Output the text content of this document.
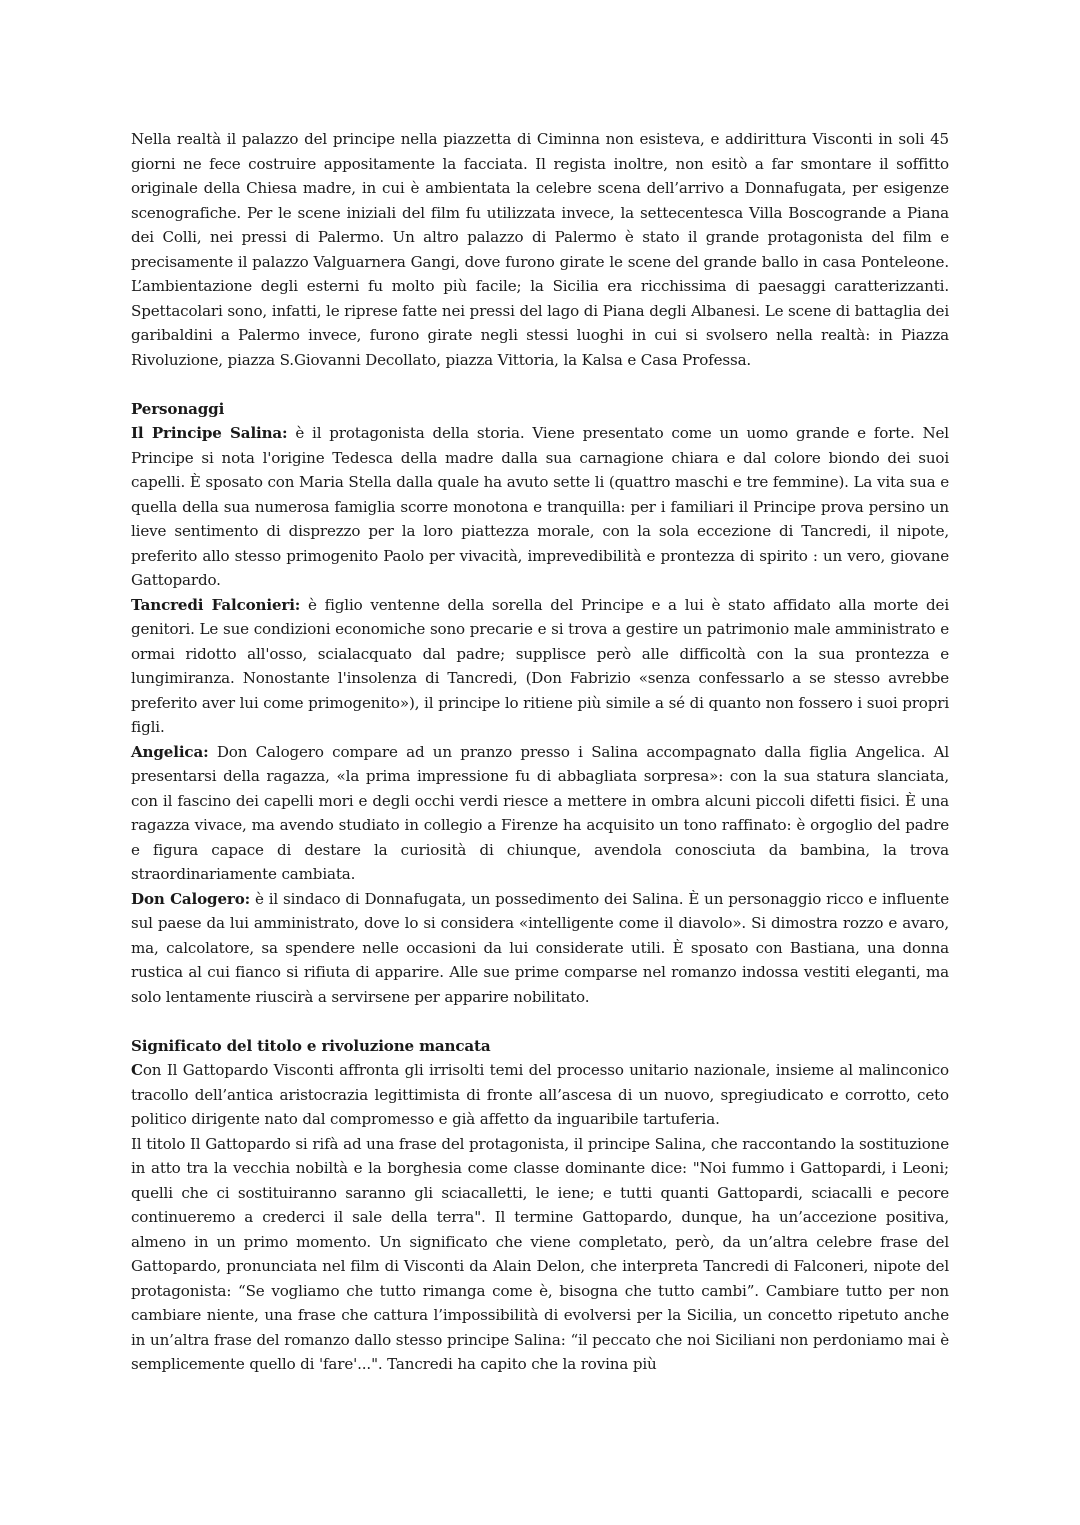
Nella realtà il palazzo del principe nella piazzetta di Ciminna non esisteva, e addirittura Visconti in soli 45 giorni ne fece costruire appositamente la facciata. Il regista inoltre, non esitò a far smontare il soffitto originale della Chiesa madre, in cui è ambientata la celebre scena dell’arrivo a Donnafugata, per esigenze scenografiche. Per le scene iniziali del film fu utilizzata invece, la settecentesca Villa Boscogrande a Piana dei Colli, nei pressi di Palermo. Un altro palazzo di Palermo è stato il grande protagonista del film e precisamente il palazzo Valguarnera Gangi, dove furono girate le scene del grande ballo in casa Ponteleone. L’ambientazione degli esterni fu molto più facile; la Sicilia era ricchissima di paesaggi caratterizzanti. Spettacolari sono, infatti, le riprese fatte nei pressi del lago di Piana degli Albanesi. Le scene di battaglia dei garibaldini a Palermo invece, furono girate negli stessi luoghi in cui si svolsero nella realtà: in Piazza Rivoluzione, piazza S.Giovanni Decollato, piazza Vittoria, la Kalsa e Casa Professa.

Personaggi

Il Principe Salina: è il protagonista della storia. Viene presentato come un uomo grande e forte. Nel Principe si nota l'origine Tedesca della madre dalla sua carnagione chiara e dal colore biondo dei suoi capelli. È sposato con Maria Stella dalla quale ha avuto sette li (quattro maschi e tre femmine). La vita sua e quella della sua numerosa famiglia scorre monotona e tranquilla: per i familiari il Principe prova persino un lieve sentimento di disprezzo per la loro piattezza morale, con la sola eccezione di Tancredi, il nipote, preferito allo stesso primogenito Paolo per vivacità, imprevedibilità e prontezza di spirito : un vero, giovane Gattopardo.

Tancredi Falconieri: è figlio ventenne della sorella del Principe e a lui è stato affidato alla morte dei genitori. Le sue condizioni economiche sono precarie e si trova a gestire un patrimonio male amministrato e ormai ridotto all'osso, scialacquato dal padre; supplisce però alle difficoltà con la sua prontezza e lungimiranza. Nonostante l'insolenza di Tancredi, (Don Fabrizio «senza confessarlo a se stesso avrebbe preferito aver lui come primogenito»), il principe lo ritiene più simile a sé di quanto non fossero i suoi propri figli.

Angelica: Don Calogero compare ad un pranzo presso i Salina accompagnato dalla figlia Angelica. Al presentarsi della ragazza, «la prima impressione fu di abbagliata sorpresa»: con la sua statura slanciata, con il fascino dei capelli mori e degli occhi verdi riesce a mettere in ombra alcuni piccoli difetti fisici. È una ragazza vivace, ma avendo studiato in collegio a Firenze ha acquisito un tono raffinato: è orgoglio del padre e figura capace di destare la curiosità di chiunque, avendola conosciuta da bambina, la trova straordinariamente cambiata.

Don Calogero: è il sindaco di Donnafugata, un possedimento dei Salina. È un personaggio ricco e influente sul paese da lui amministrato, dove lo si considera «intelligente come il diavolo». Si dimostra rozzo e avaro, ma, calcolatore, sa spendere nelle occasioni da lui considerate utili. È sposato con Bastiana, una donna rustica al cui fianco si rifiuta di apparire. Alle sue prime comparse nel romanzo indossa vestiti eleganti, ma solo lentamente riuscirà a servirsene per apparire nobilitato.

Significato del titolo e rivoluzione mancata

Con Il Gattopardo Visconti affronta gli irrisolti temi del processo unitario nazionale, insieme al malinconico tracollo dell’antica aristocrazia legittimista di fronte all’ascesa di un nuovo, spregiudicato e corrotto, ceto politico dirigente nato dal compromesso e già affetto da inguaribile tartuferia.

Il titolo Il Gattopardo si rifà ad una frase del protagonista, il principe Salina, che raccontando la sostituzione in atto tra la vecchia nobiltà e la borghesia come classe dominante dice: "Noi fummo i Gattopardi, i Leoni; quelli che ci sostituiranno saranno gli sciacalletti, le iene; e tutti quanti Gattopardi, sciacalli e pecore continueremo a crederci il sale della terra". Il termine Gattopardo, dunque, ha un’accezione positiva, almeno in un primo momento. Un significato che viene completato, però, da un’altra celebre frase del Gattopardo, pronunciata nel film di Visconti da Alain Delon, che interpreta Tancredi di Falconeri, nipote del protagonista: “Se vogliamo che tutto rimanga come è, bisogna che tutto cambi”. Cambiare tutto per non cambiare niente, una frase che cattura l’impossibilità di evolversi per la Sicilia, un concetto ripetuto anche in un’altra frase del romanzo dallo stesso principe Salina: “il peccato che noi Siciliani non perdoniamo mai è semplicemente quello di 'fare'...". Tancredi ha capito che la rovina più
